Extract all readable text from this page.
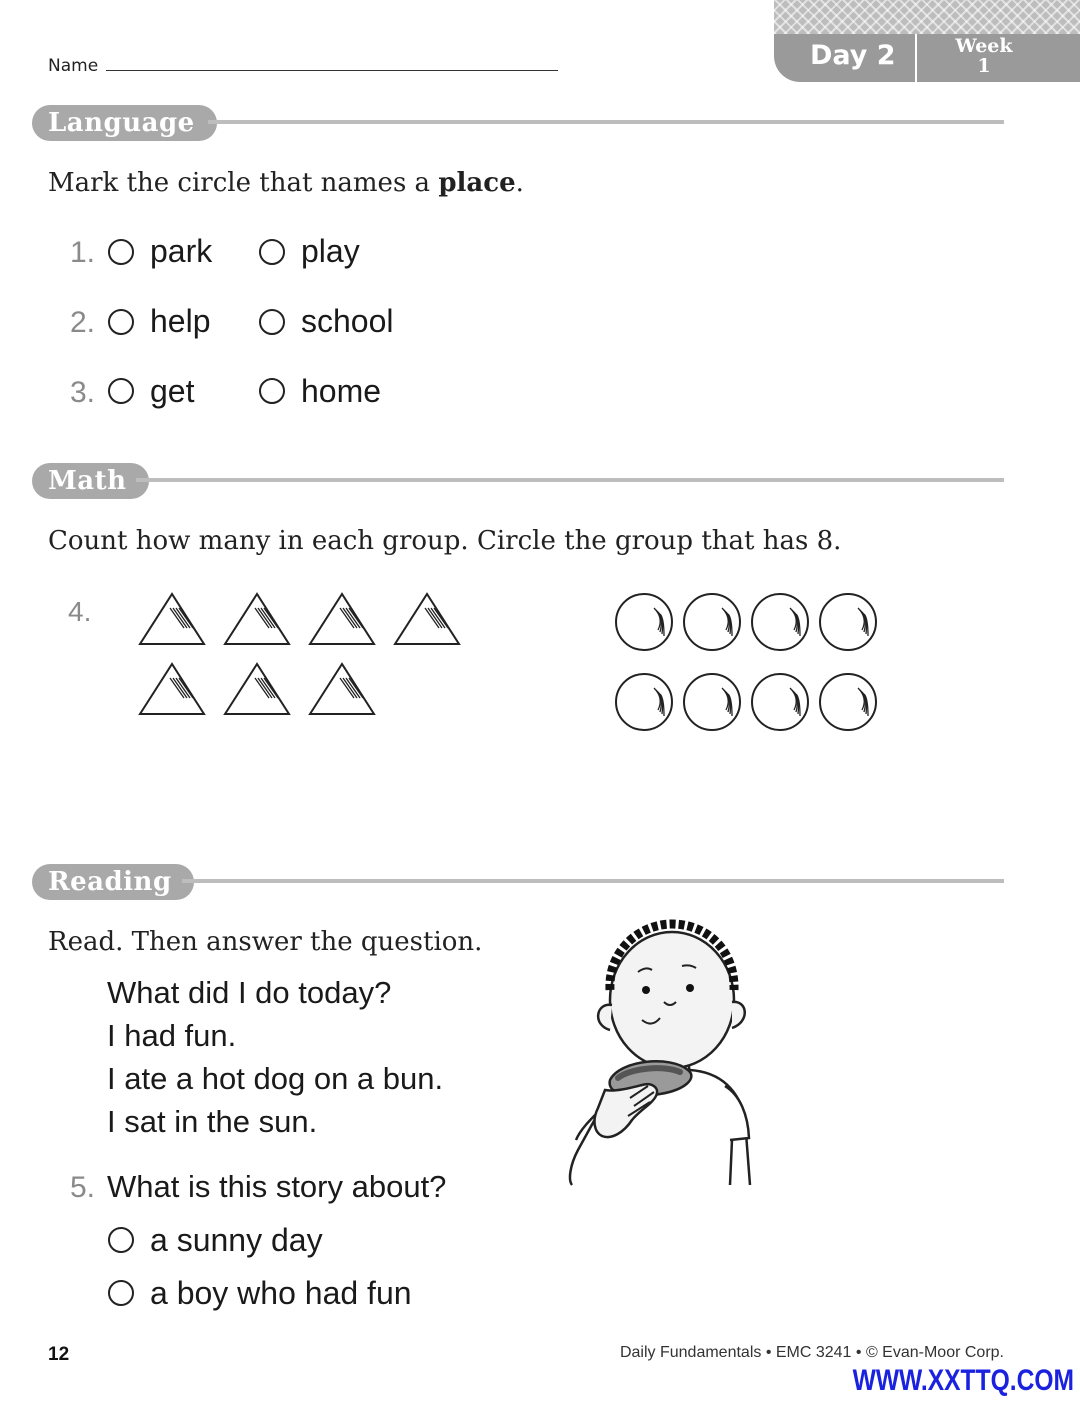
Name	Day 2	Week
1
Language
Mark the circle that names a place.
1. park	play
2. help	school
3. get	home
Math
Count how many in each group. Circle the group that has 8.
4.
Reading
Read. Then answer the question.
What did I do today?
I had fun.
I ate a hot dog on a bun.
I sat in the sun.
5. What is this story about?
a sunny day
a boy who had fun
12	Daily Fundamentals • EMC 3241 • © Evan-Moor Corp.
WWW.XXTTQ.COM
